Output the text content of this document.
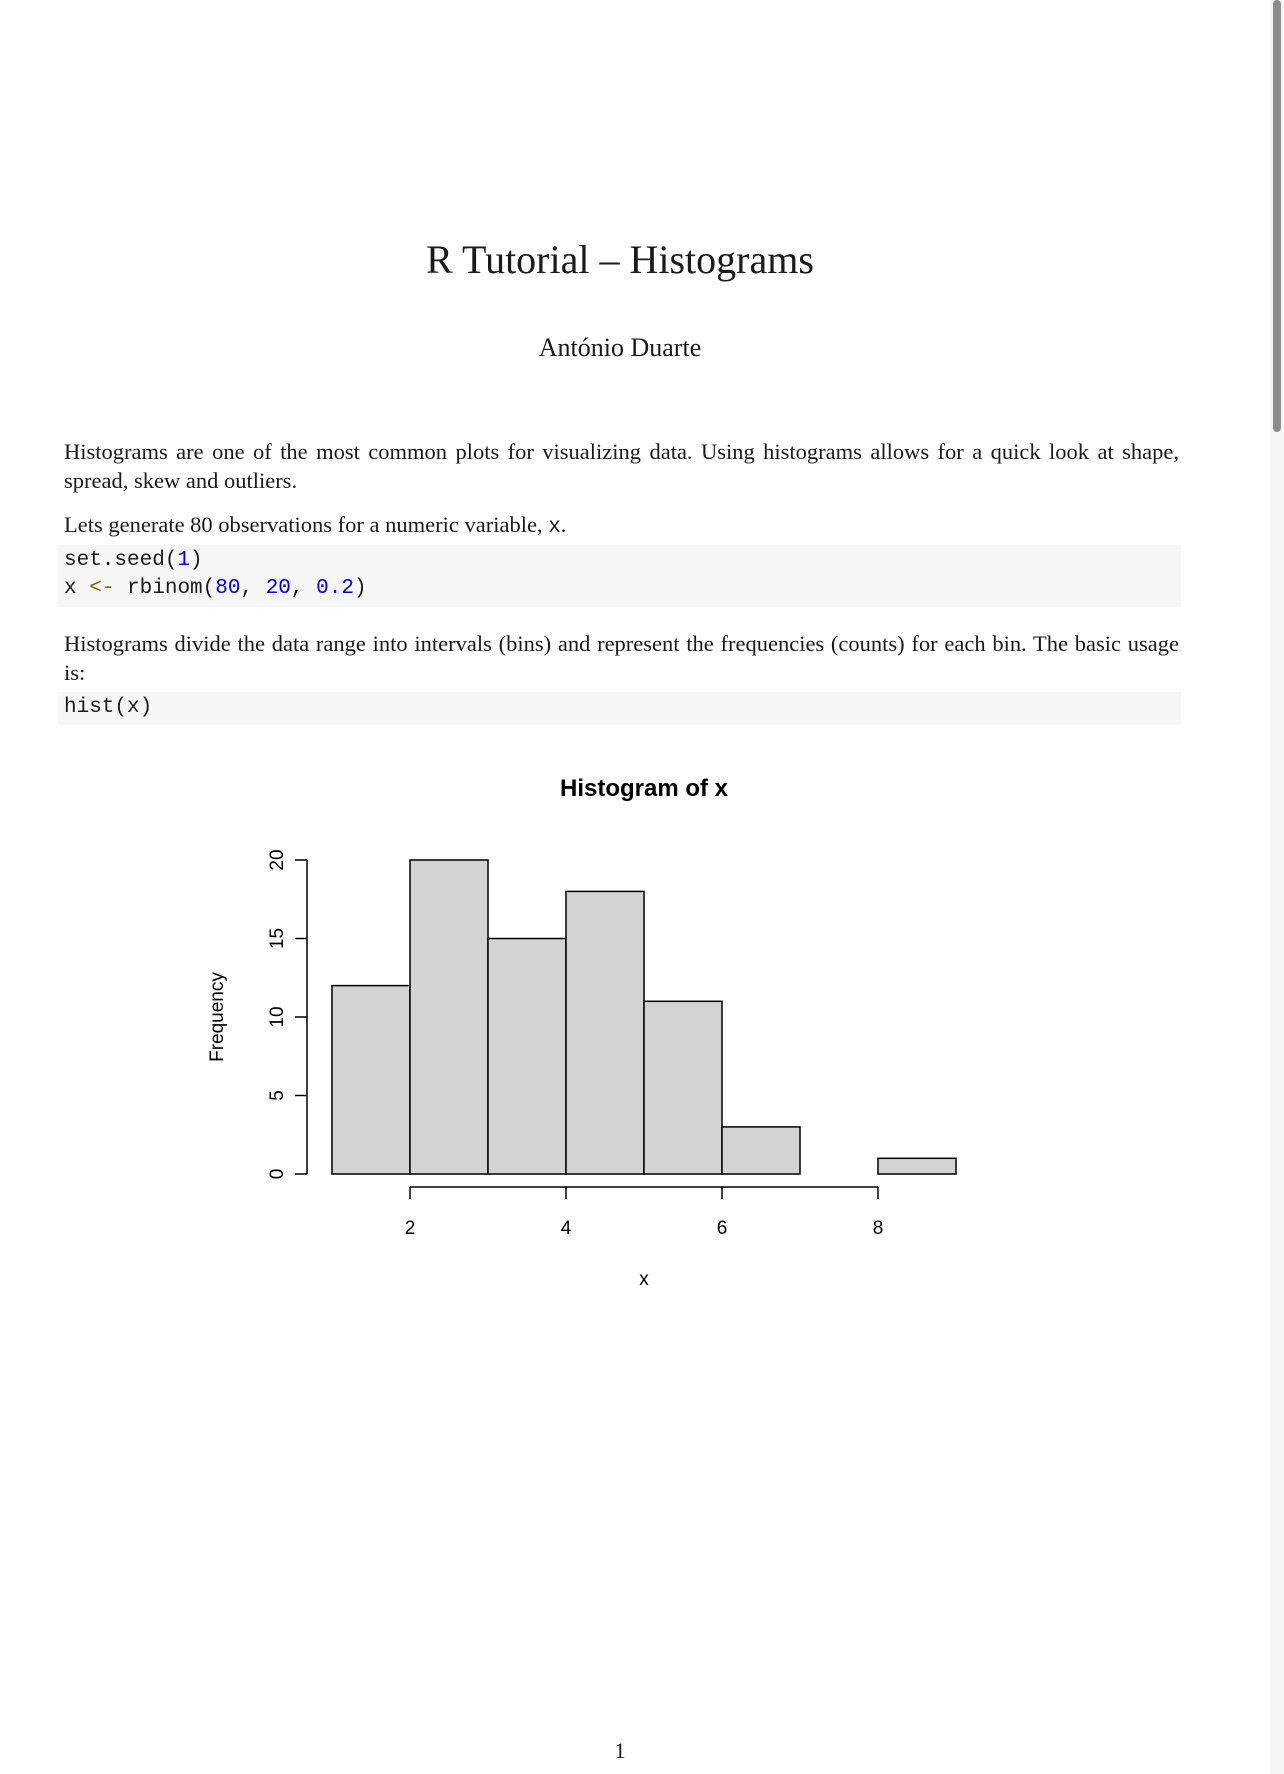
R Tutorial – Histograms
António Duarte
Histograms are one of the most common plots for visualizing data. Using histograms allows for a quick look at shape, spread, skew and outliers.
Lets generate 80 observations for a numeric variable, x.
set.seed(1)
x <- rbinom(80, 20, 0.2)
Histograms divide the data range into intervals (bins) and represent the frequencies (counts) for each bin. The basic usage is:
hist(x)
Histogram of x
0
5
10
15
20
2	4	6	8
x
Frequency
1
